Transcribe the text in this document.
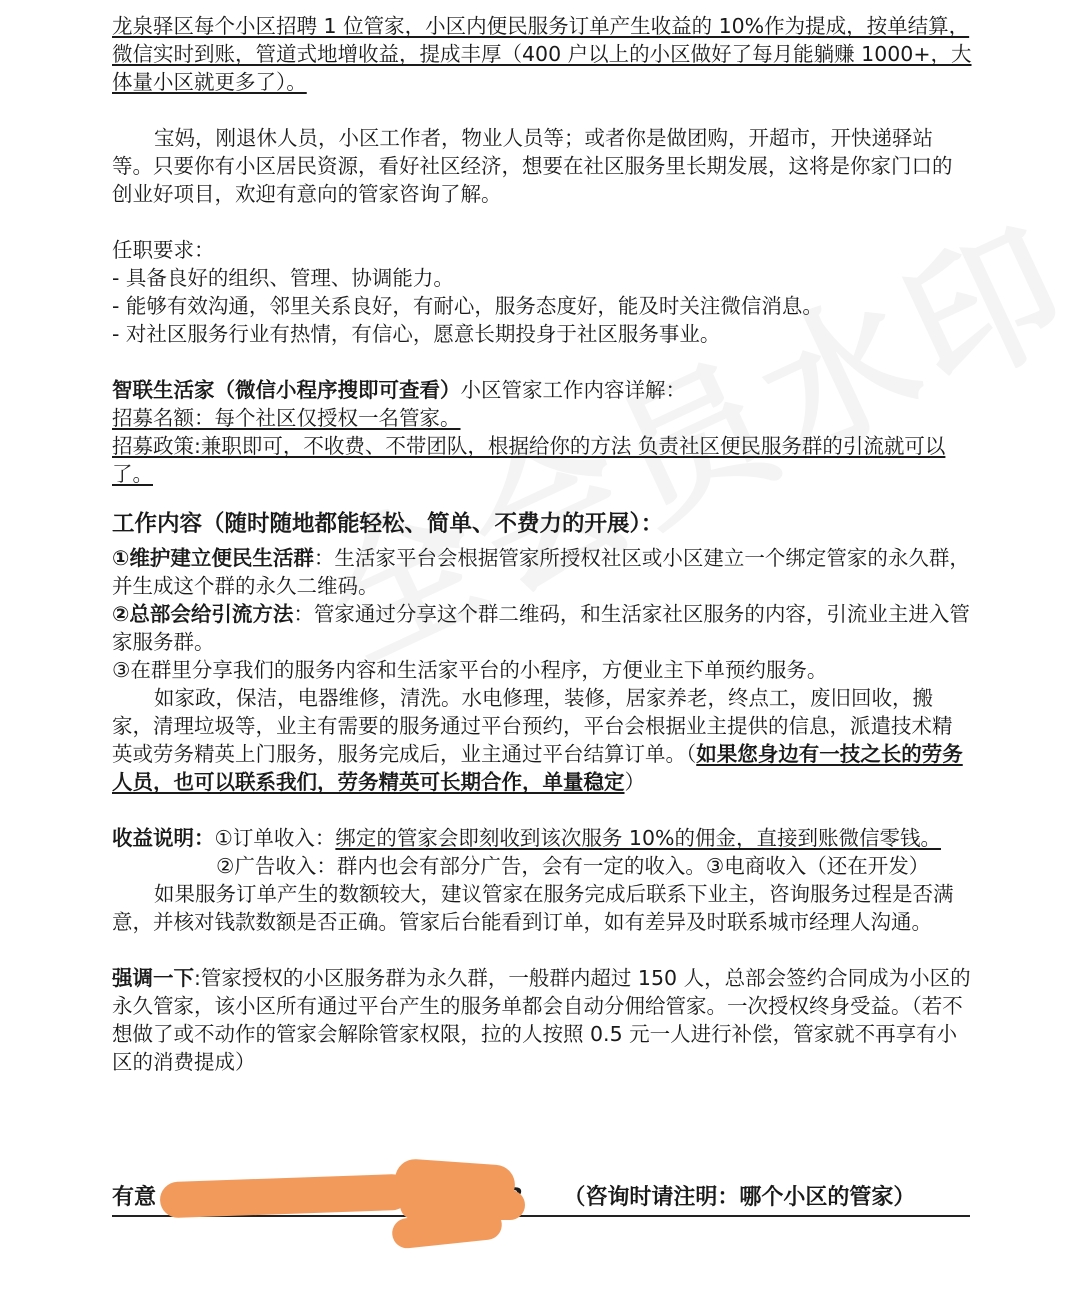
龙泉驿区每个小区招聘 1 位管家，小区内便民服务订单产生收益的 10%作为提成，按单结算，微信实时到账，管道式地增收益，提成丰厚（400 户以上的小区做好了每月能躺赚 1000+，大体量小区就更多了）。

宝妈，刚退休人员，小区工作者，物业人员等；或者你是做团购，开超市，开快递驿站等。只要你有小区居民资源，看好社区经济，想要在社区服务里长期发展，这将是你家门口的创业好项目，欢迎有意向的管家咨询了解。

任职要求：

- 具备良好的组织、管理、协调能力。

- 能够有效沟通，邻里关系良好，有耐心，服务态度好，能及时关注微信消息。

- 对社区服务行业有热情，有信心，愿意长期投身于社区服务事业。

智联生活家（微信小程序搜即可查看）小区管家工作内容详解：

招募名额：每个社区仅授权一名管家。

招募政策:兼职即可，不收费、不带团队，根据给你的方法 负责社区便民服务群的引流就可以了。

工作内容（随时随地都能轻松、简单、不费力的开展）：

①维护建立便民生活群：生活家平台会根据管家所授权社区或小区建立一个绑定管家的永久群，并生成这个群的永久二维码。

②总部会给引流方法：管家通过分享这个群二维码，和生活家社区服务的内容，引流业主进入管家服务群。

③在群里分享我们的服务内容和生活家平台的小程序，方便业主下单预约服务。

如家政，保洁，电器维修，清洗。水电修理，装修，居家养老，终点工，废旧回收，搬家，清理垃圾等，业主有需要的服务通过平台预约，平台会根据业主提供的信息，派遣技术精英或劳务精英上门服务，服务完成后，业主通过平台结算订单。（如果您身边有一技之长的劳务人员，也可以联系我们，劳务精英可长期合作，单量稳定）

收益说明：①订单收入：绑定的管家会即刻收到该次服务 10%的佣金，直接到账微信零钱。

②广告收入：群内也会有部分广告，会有一定的收入。③电商收入（还在开发）

如果服务订单产生的数额较大，建议管家在服务完成后联系下业主，咨询服务过程是否满意，并核对钱款数额是否正确。管家后台能看到订单，如有差异及时联系城市经理人沟通。

强调一下:管家授权的小区服务群为永久群，一般群内超过 150 人，总部会签约合同成为小区的永久管家，该小区所有通过平台产生的服务单都会自动分佣给管家。一次授权终身受益。（若不想做了或不动作的管家会解除管家权限，拉的人按照 0.5 元一人进行补偿，管家就不再享有小区的消费提成）

有意	（咨询时请注明：哪个小区的管家）
